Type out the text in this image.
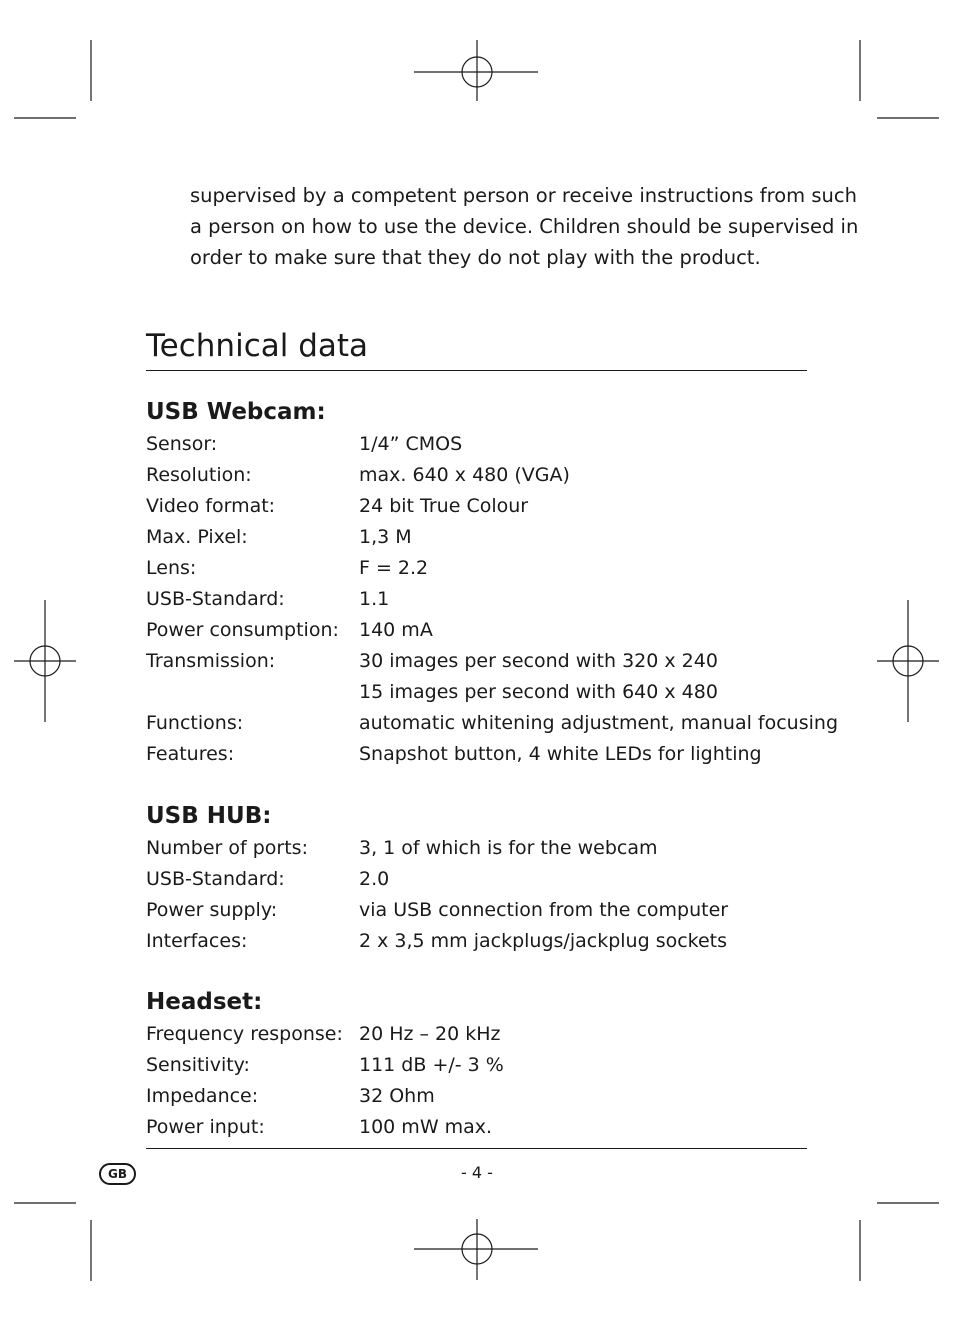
supervised by a competent person or receive instructions from such
a person on how to use the device. Children should be supervised in
order to make sure that they do not play with the product.

Technical data
USB Webcam:
Sensor:	1/4” CMOS
Resolution:	max. 640 x 480 (VGA)
Video format:	24 bit True Colour
Max. Pixel:	1,3 M
Lens:	F = 2.2
USB-Standard:	1.1
Power consumption: 140 mA
Transmission:	30 images per second with 320 x 240
15 images per second with 640 x 480
Functions:	automatic whitening adjustment, manual focusing
Features:	Snapshot button, 4 white LEDs for lighting
USB HUB:
Number of ports:	3, 1 of which is for the webcam
USB-Standard:	2.0
Power supply:	via USB connection from the computer
Interfaces:	2 x 3,5 mm jackplugs/jackplug sockets
Headset:
Frequency response: 20 Hz – 20 kHz
Sensitivity:	111 dB +/- 3 %
Impedance:	32 Ohm
Power input:	100 mW max.
GB	- 4 -
